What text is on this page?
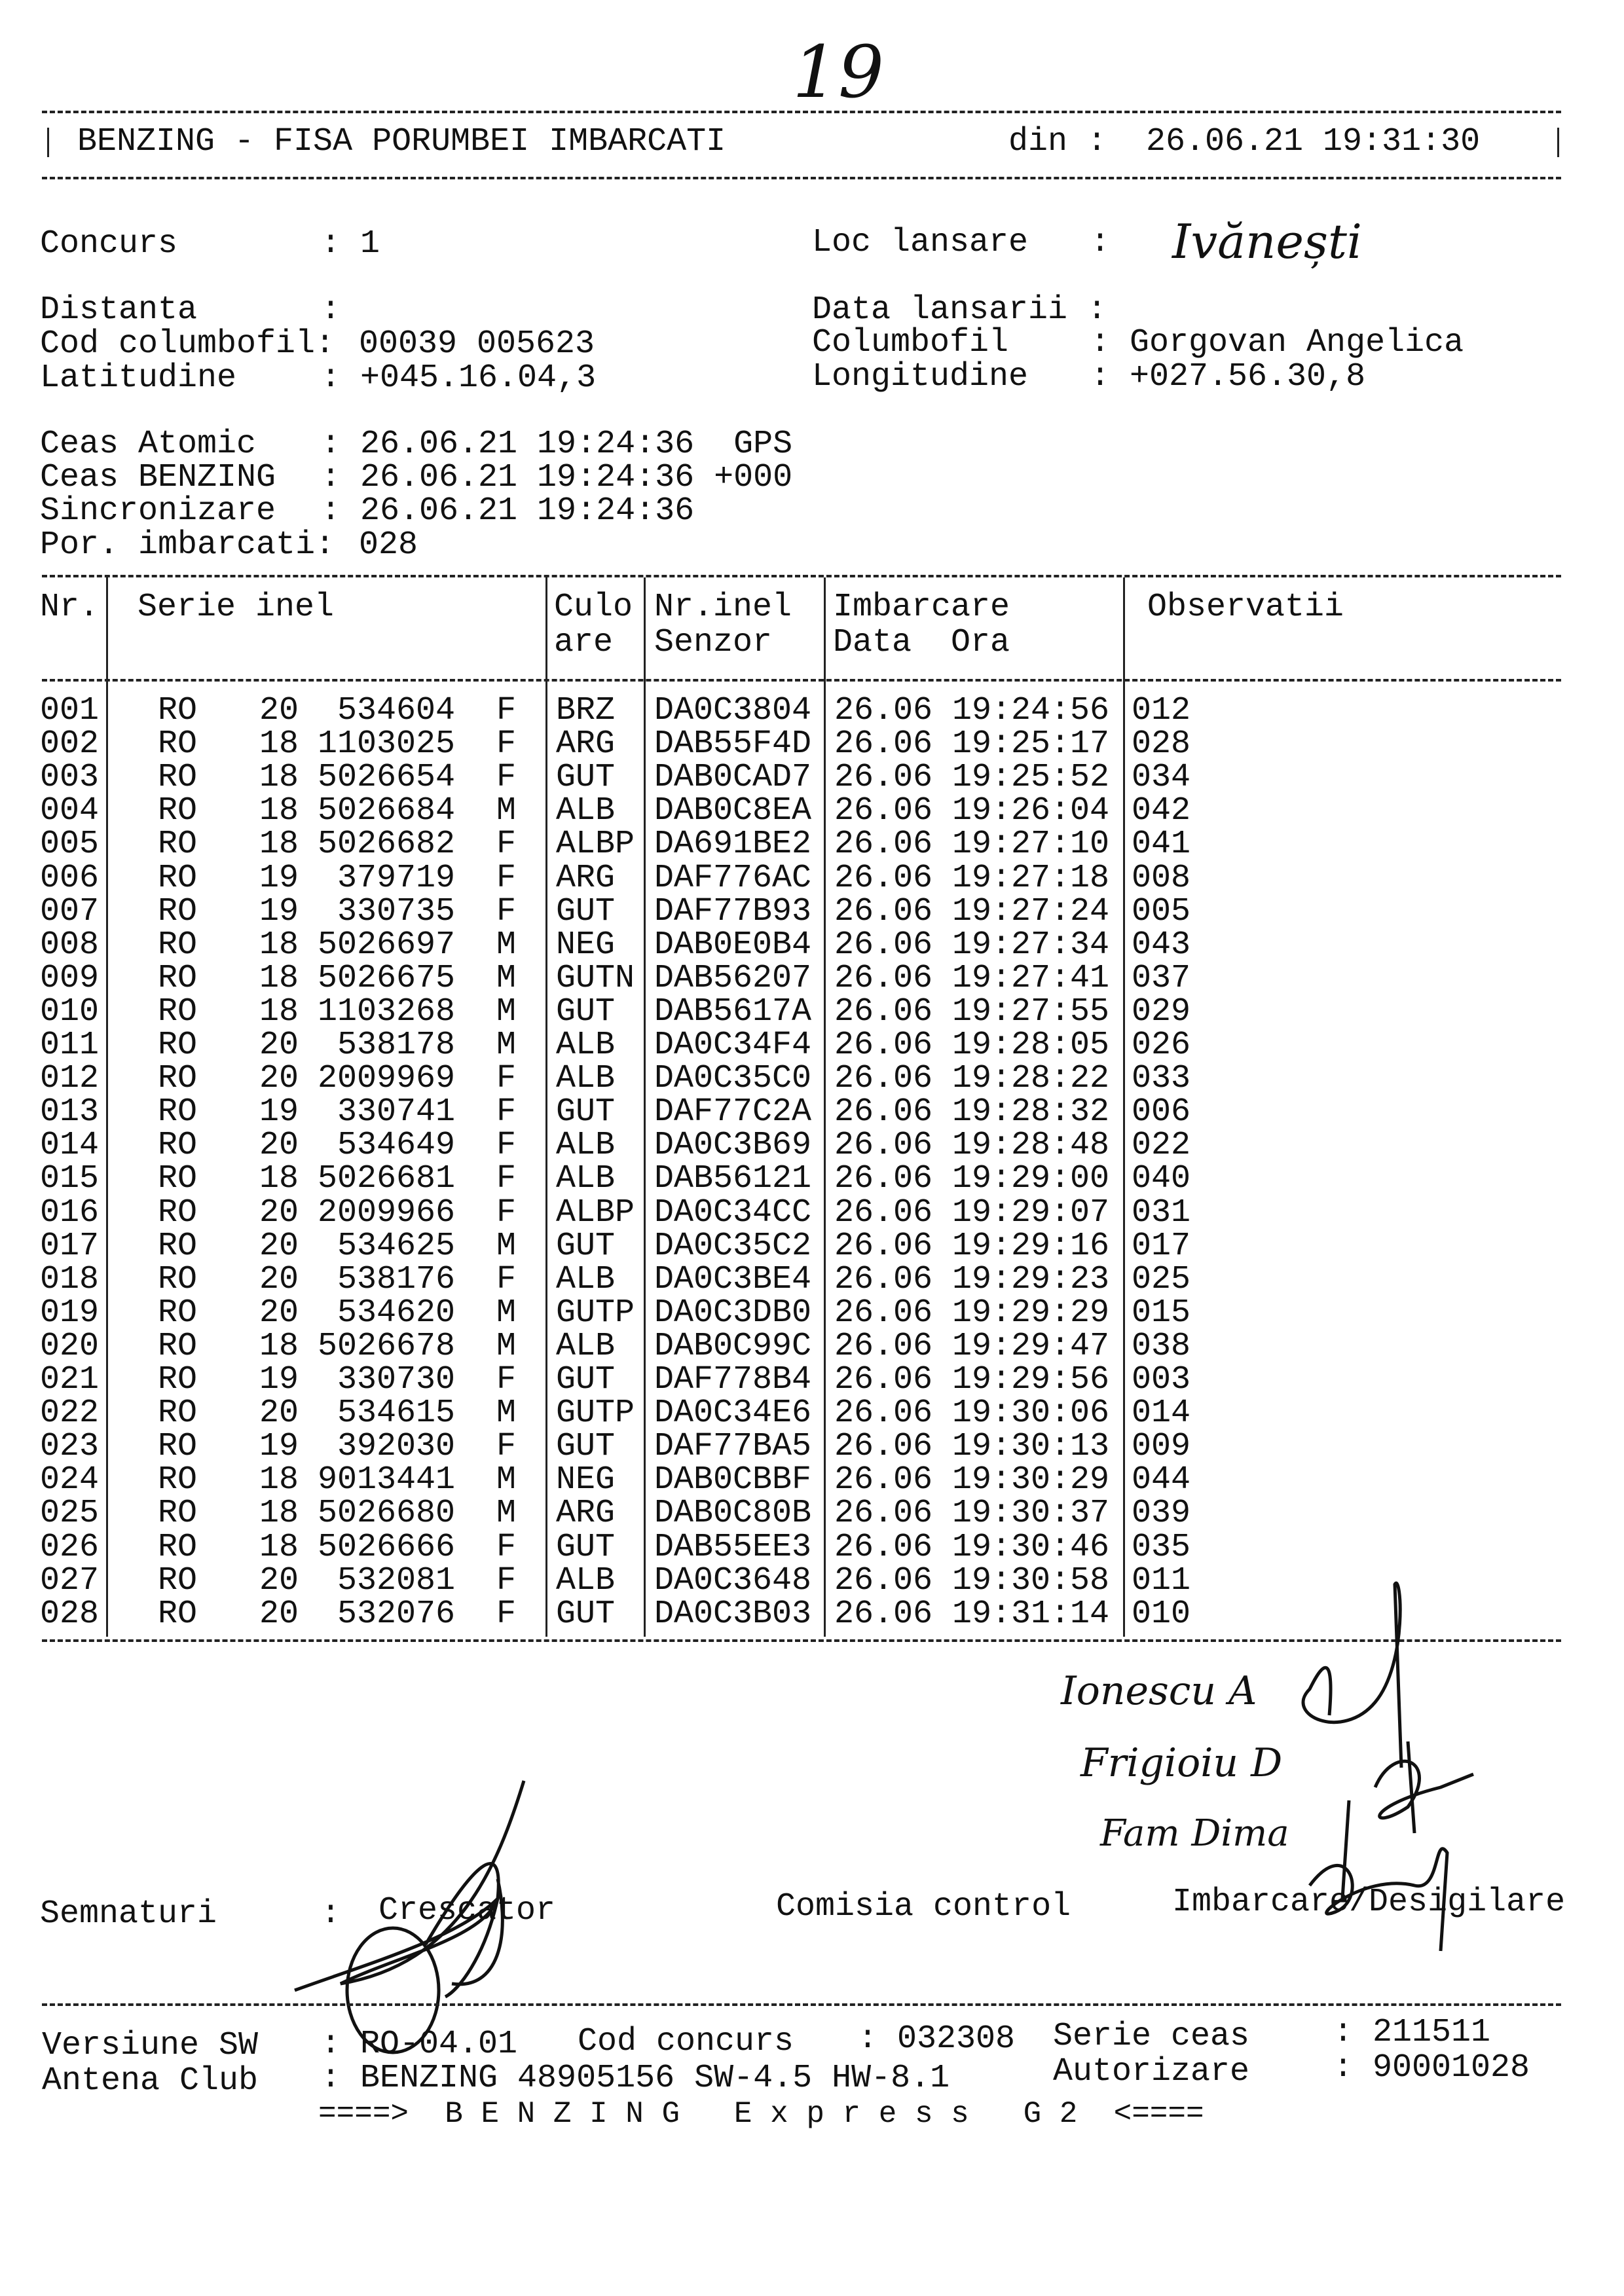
19
BENZING - FISA PORUMBEI IMBARCATI	din : 26.06.21 19:31:30
Concurs	: 1	Loc lansare : Ivănești
Distanta	:	Data lansarii :
Cod columbofil: 00039 005623	Columbofil : Gorgovan Angelica
Latitudine	: +045.16.04,3	Longitudine : +027.56.30,8
Ceas Atomic : 26.06.21 19:24:36  GPS
Ceas BENZING : 26.06.21 19:24:36 +000
Sincronizare : 26.06.21 19:24:36
Por. imbarcati: 028
Nr. Serie inel	Culo
are
Nr.inel
Senzor
Imbarcare
Data  Ora
Observatii
001 RO 20	534604 F BRZ DA0C3804 26.06 19:24:56 012
002 RO 18 1103025 F ARG DAB55F4D 26.06 19:25:17 028
003 RO 18 5026654 F GUT DAB0CAD7 26.06 19:25:52 034
004 RO 18 5026684 M ALB DAB0C8EA 26.06 19:26:04 042
005 RO 18 5026682 F ALBP DA691BE2 26.06 19:27:10 041
006 RO 19	379719 F ARG DAF776AC 26.06 19:27:18 008
007 RO 19	330735 F GUT DAF77B93 26.06 19:27:24 005
008 RO 18 5026697 M NEG DAB0E0B4 26.06 19:27:34 043
009 RO 18 5026675 M GUTN DAB56207 26.06 19:27:41 037
010 RO 18 1103268 M GUT DAB5617A 26.06 19:27:55 029
011 RO 20	538178 M ALB DA0C34F4 26.06 19:28:05 026
012 RO 20 2009969 F ALB DA0C35C0 26.06 19:28:22 033
013 RO 19	330741 F GUT DAF77C2A 26.06 19:28:32 006
014 RO 20	534649 F ALB DA0C3B69 26.06 19:28:48 022
015 RO 18 5026681 F ALB DAB56121 26.06 19:29:00 040
016 RO 20 2009966 F ALBP DA0C34CC 26.06 19:29:07 031
017 RO 20	534625 M GUT DA0C35C2 26.06 19:29:16 017
018 RO 20	538176 F ALB DA0C3BE4 26.06 19:29:23 025
019 RO 20	534620 M GUTP DA0C3DB0 26.06 19:29:29 015
020 RO 18 5026678 M ALB DAB0C99C 26.06 19:29:47 038
021 RO 19	330730 F GUT DAF778B4 26.06 19:29:56 003
022 RO 20	534615 M GUTP DA0C34E6 26.06 19:30:06 014
023 RO 19	392030 F GUT DAF77BA5 26.06 19:30:13 009
024 RO 18 9013441 M NEG DAB0CBBF 26.06 19:30:29 044
025 RO 18 5026680 M ARG DAB0C80B 26.06 19:30:37 039
026 RO 18 5026666 F GUT DAB55EE3 26.06 19:30:46 035
027 RO 20	532081 F ALB DA0C3648 26.06 19:30:58 011
028 RO 20	532076 F GUT DA0C3B03 26.06 19:31:14 010
Ionescu A
Frigioiu D
Fam Dima
Semnaturi	: Crescator	Comisia control	Imbarcare/Desigilare
Versiune SW : RO-04.01 Cod concurs : 032308 Serie ceas	: 211511
Antena Club : BENZING 48905156 SW-4.5 HW-8.1	Autorizare	: 90001028
====>  B E N Z I N G   E x p r e s s   G 2  <====
